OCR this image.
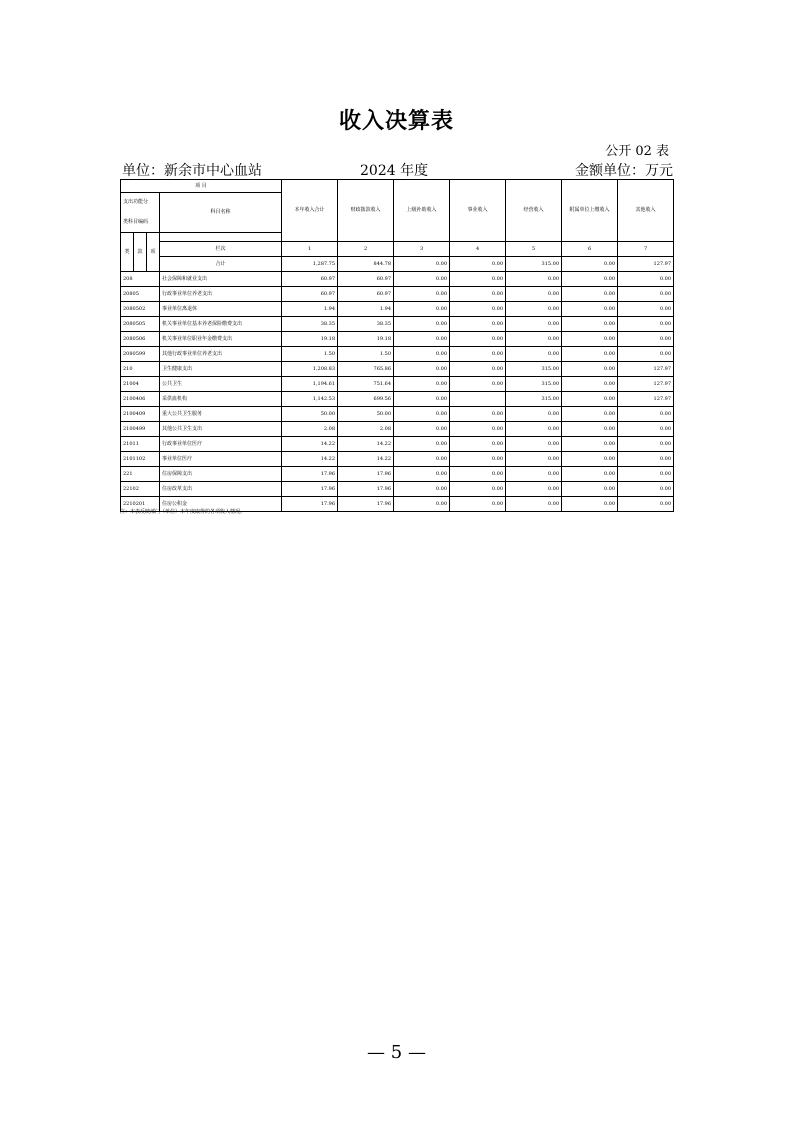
收入决算表
公开 02 表
单位：新余市中心血站	2024 年度	金额单位：万元
项 目				本年收入合计	财政拨款收入	上级补助收入	事业收入	经营收入	附属单位上缴收入	其他收入
支出功能分			科目名称							
类科目编码										
类	款	项								
			栏次	1	2	3	4	5	6	7
			合计	1,287.75	844.78	0.00	0.00	315.00	0.00	127.97
208			社会保障和就业支出	60.97	60.97	0.00	0.00	0.00	0.00	0.00
20805			行政事业单位养老支出	60.97	60.97	0.00	0.00	0.00	0.00	0.00
2080502			事业单位离退休	1.94	1.94	0.00	0.00	0.00	0.00	0.00
2080505			机关事业单位基本养老保险缴费支出	38.35	38.35	0.00	0.00	0.00	0.00	0.00
2080506			机关事业单位职业年金缴费支出	19.18	19.18	0.00	0.00	0.00	0.00	0.00
2080599			其他行政事业单位养老支出	1.50	1.50	0.00	0.00	0.00	0.00	0.00
210			卫生健康支出	1,208.83	765.86	0.00	0.00	315.00	0.00	127.97
21004			公共卫生	1,194.61	751.64	0.00	0.00	315.00	0.00	127.97
2100406			采供血机构	1,142.53	699.56	0.00		315.00	0.00	127.97
2100409			重大公共卫生服务	50.00	50.00	0.00	0.00	0.00	0.00	0.00
2100499			其他公共卫生支出	2.08	2.08	0.00	0.00	0.00	0.00	0.00
21011			行政事业单位医疗	14.22	14.22	0.00	0.00	0.00	0.00	0.00
2101102			事业单位医疗	14.22	14.22	0.00	0.00	0.00	0.00	0.00
221			住房保障支出	17.96	17.96	0.00	0.00	0.00	0.00	0.00
22102			住房改革支出	17.96	17.96	0.00	0.00	0.00	0.00	0.00
2210201			住房公积金	17.96	17.96	0.00	0.00	0.00	0.00	0.00
注：本表反映部门（单位）本年度取得的各项收入情况。
— 5 —
